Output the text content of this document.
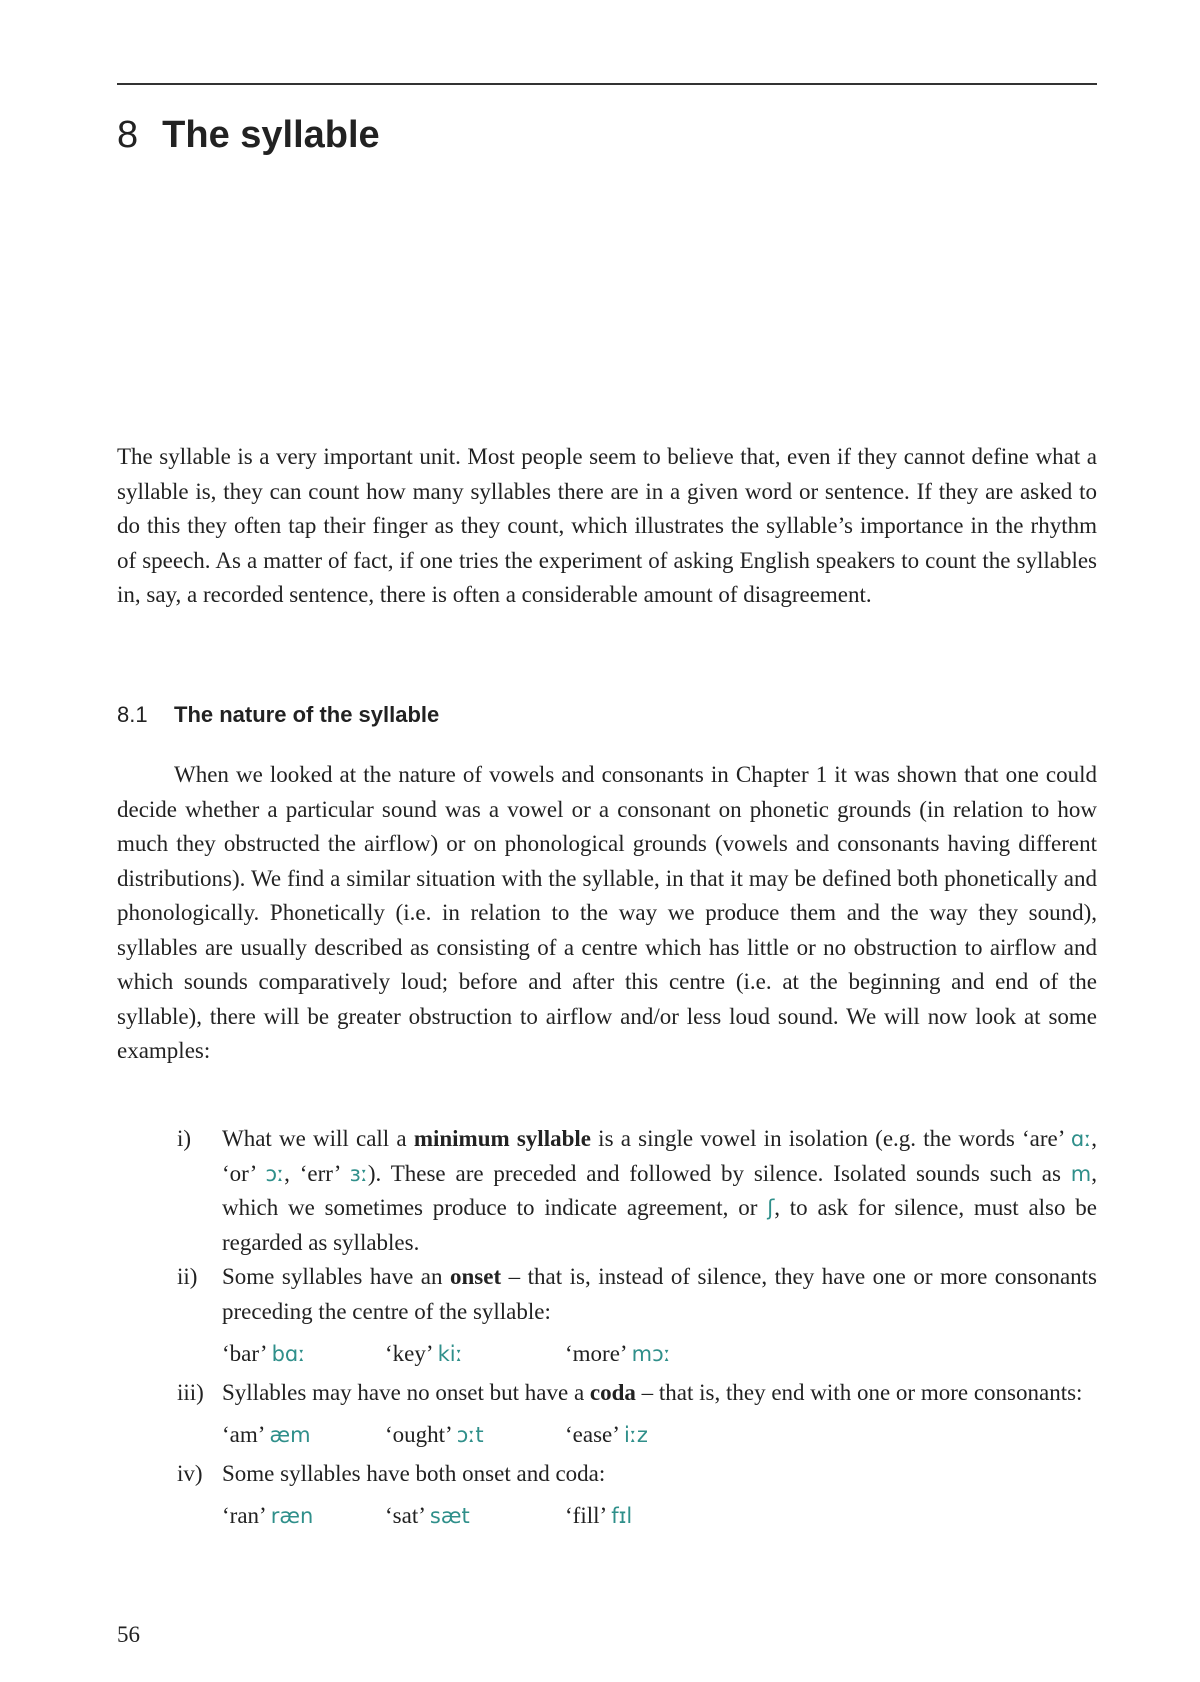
8 The syllable

The syllable is a very important unit. Most people seem to believe that, even if they cannot define what a syllable is, they can count how many syllables there are in a given word or sentence. If they are asked to do this they often tap their finger as they count, which illustrates the syllable’s importance in the rhythm of speech. As a matter of fact, if one tries the experiment of asking English speakers to count the syllables in, say, a recorded sentence, there is often a considerable amount of disagreement.

8.1 The nature of the syllable

When we looked at the nature of vowels and consonants in Chapter 1 it was shown that one could decide whether a particular sound was a vowel or a consonant on phonetic grounds (in relation to how much they obstructed the airflow) or on phonological grounds (vowels and consonants having different distributions). We find a similar situation with the syllable, in that it may be defined both phonetically and phonologically. Phonetically (i.e. in relation to the way we produce them and the way they sound), syllables are usually described as consisting of a centre which has little or no obstruction to airflow and which sounds comparatively loud; before and after this centre (i.e. at the beginning and end of the syllable), there will be greater obstruction to airflow and/or less loud sound. We will now look at some examples:

i)	What we will call a minimum syllable is a single vowel in isolation (e.g. the words ‘are’ ɑː, ‘or’ ɔː, ‘err’ ɜː). These are preceded and followed by silence. Isolated sounds such as m, which we sometimes produce to indicate agreement, or ʃ, to ask for silence, must also be regarded as syllables.
ii)	Some syllables have an onset – that is, instead of silence, they have one or more consonants preceding the centre of the syllable:
‘bar’ bɑː	‘key’ kiː	‘more’ mɔː
iii) Syllables may have no onset but have a coda – that is, they end with one or more consonants:
‘am’ æm	‘ought’ ɔːt	‘ease’ iːz
iv) Some syllables have both onset and coda:
‘ran’ ræn	‘sat’ sæt	‘fill’ fɪl
56
